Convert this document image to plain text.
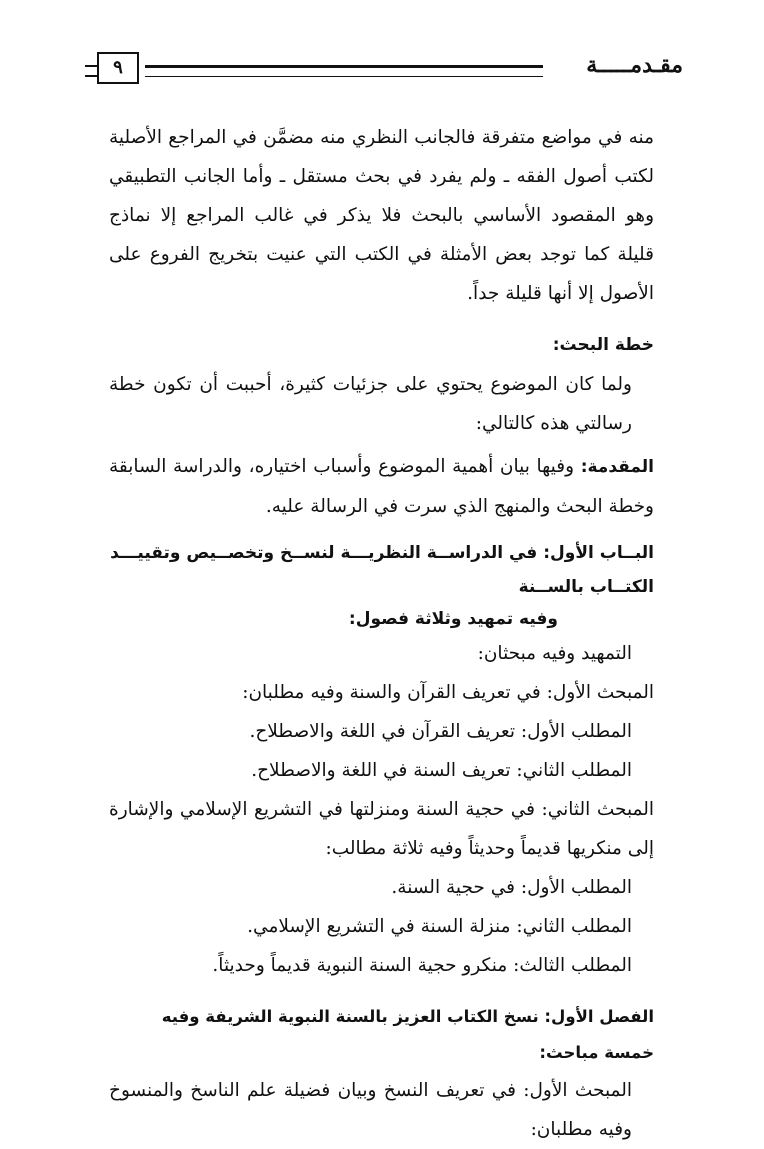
مقـدمـــــة
٩

منه في مواضع متفرقة فالجانب النظري منه مضمَّن في المراجع الأصلية لكتب أصول الفقه ـ ولم يفرد في بحث مستقل ـ وأما الجانب التطبيقي وهو المقصود الأساسي بالبحث فلا يذكر في غالب المراجع إلا نماذج قليلة كما توجد بعض الأمثلة في الكتب التي عنيت بتخريج الفروع على الأصول إلا أنها قليلة جداً.

خطة البحث:

ولما كان الموضوع يحتوي على جزئيات كثيرة، أحببت أن تكون خطة رسالتي هذه كالتالي:

المقدمة: وفيها بيان أهمية الموضوع وأسباب اختياره، والدراسة السابقة وخطة البحث والمنهج الذي سرت في الرسالة عليه.

البــاب الأول: في الدراســة النظريـــة لنســخ وتخصــيص وتقييـــد الكتــاب بالســنة
وفيه تمهيد وثلاثة فصول:

التمهيد وفيه مبحثان:

المبحث الأول: في تعريف القرآن والسنة وفيه مطلبان:

المطلب الأول: تعريف القرآن في اللغة والاصطلاح.

المطلب الثاني: تعريف السنة في اللغة والاصطلاح.

المبحث الثاني: في حجية السنة ومنزلتها في التشريع الإسلامي والإشارة إلى منكريها قديماً وحديثاً وفيه ثلاثة مطالب:

المطلب الأول: في حجية السنة.

المطلب الثاني: منزلة السنة في التشريع الإسلامي.

المطلب الثالث: منكرو حجية السنة النبوية قديماً وحديثاً.

الفصل الأول: نسخ الكتاب العزيز بالسنة النبوية الشريفة وفيه خمسة مباحث:

المبحث الأول: في تعريف النسخ وبيان فضيلة علم الناسخ والمنسوخ وفيه مطلبان:
